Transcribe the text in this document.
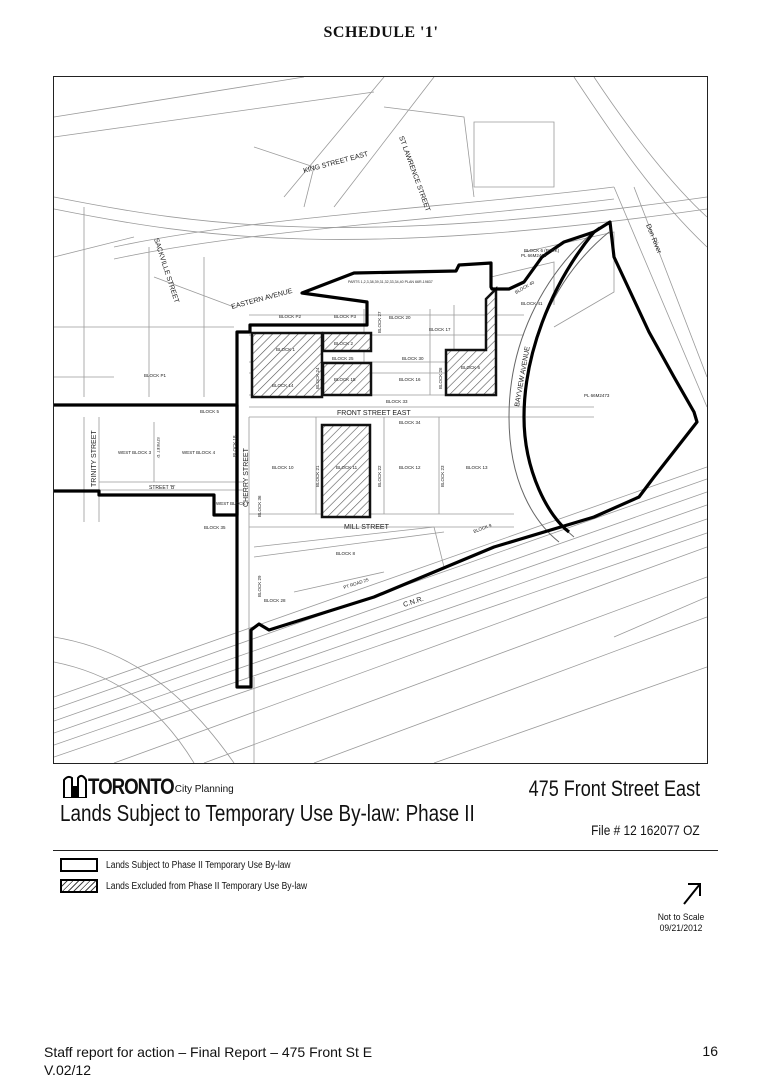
SCHEDULE '1'
KING STREET EAST	ST LAWRENCE STREET
SACKVILLE STREET	EASTERN AVENUE
FRONT STREET EAST
CHERRY STREET
TRINITY STREET
MILL STREET
BAYVIEW AVENUE
STREET 'B'
STREET 'D'
Don River
C.N.R.
BLOCK P1
BLOCK P2	BLOCK P3
BLOCK 1
BLOCK 2
WEST BLOCK 3	WEST BLOCK 4
WEST BLOCK 7
BLOCK 5
BLOCK 6
BLOCK 8
BLOCK 9
BLOCK 10	BLOCK 11	BLOCK 12	BLOCK 13
BLOCK 14
BLOCK 15	BLOCK 16
BLOCK 17
BLOCK 18
BLOCK 21	BLOCK 22	BLOCK 23
BLOCK 24
BLOCK 25
BLOCK 26
BLOCK 27
BLOCK 28
BLOCK 29
BLOCK 30
BLOCK 33
BLOCK 34
BLOCK 35
BLOCK 36
BLOCK 40
BLOCK 41
BLOCK 20
BLOCK 6 (PARK)
PL 66M2473
PL 66M2473
PARTS 1,2,3,38,39,31,32,33,34,40 PLAN 66R-19837
PT ROAD 25
TORONTO City Planning	475 Front Street East
Lands Subject to Temporary Use By-law: Phase II
File # 12 162077 OZ
Lands Subject to Phase II Temporary Use By-law
Lands Excluded from Phase II Temporary Use By-law
Not to Scale
09/21/2012
Staff report for action – Final Report – 475 Front St E
V.02/12
16
